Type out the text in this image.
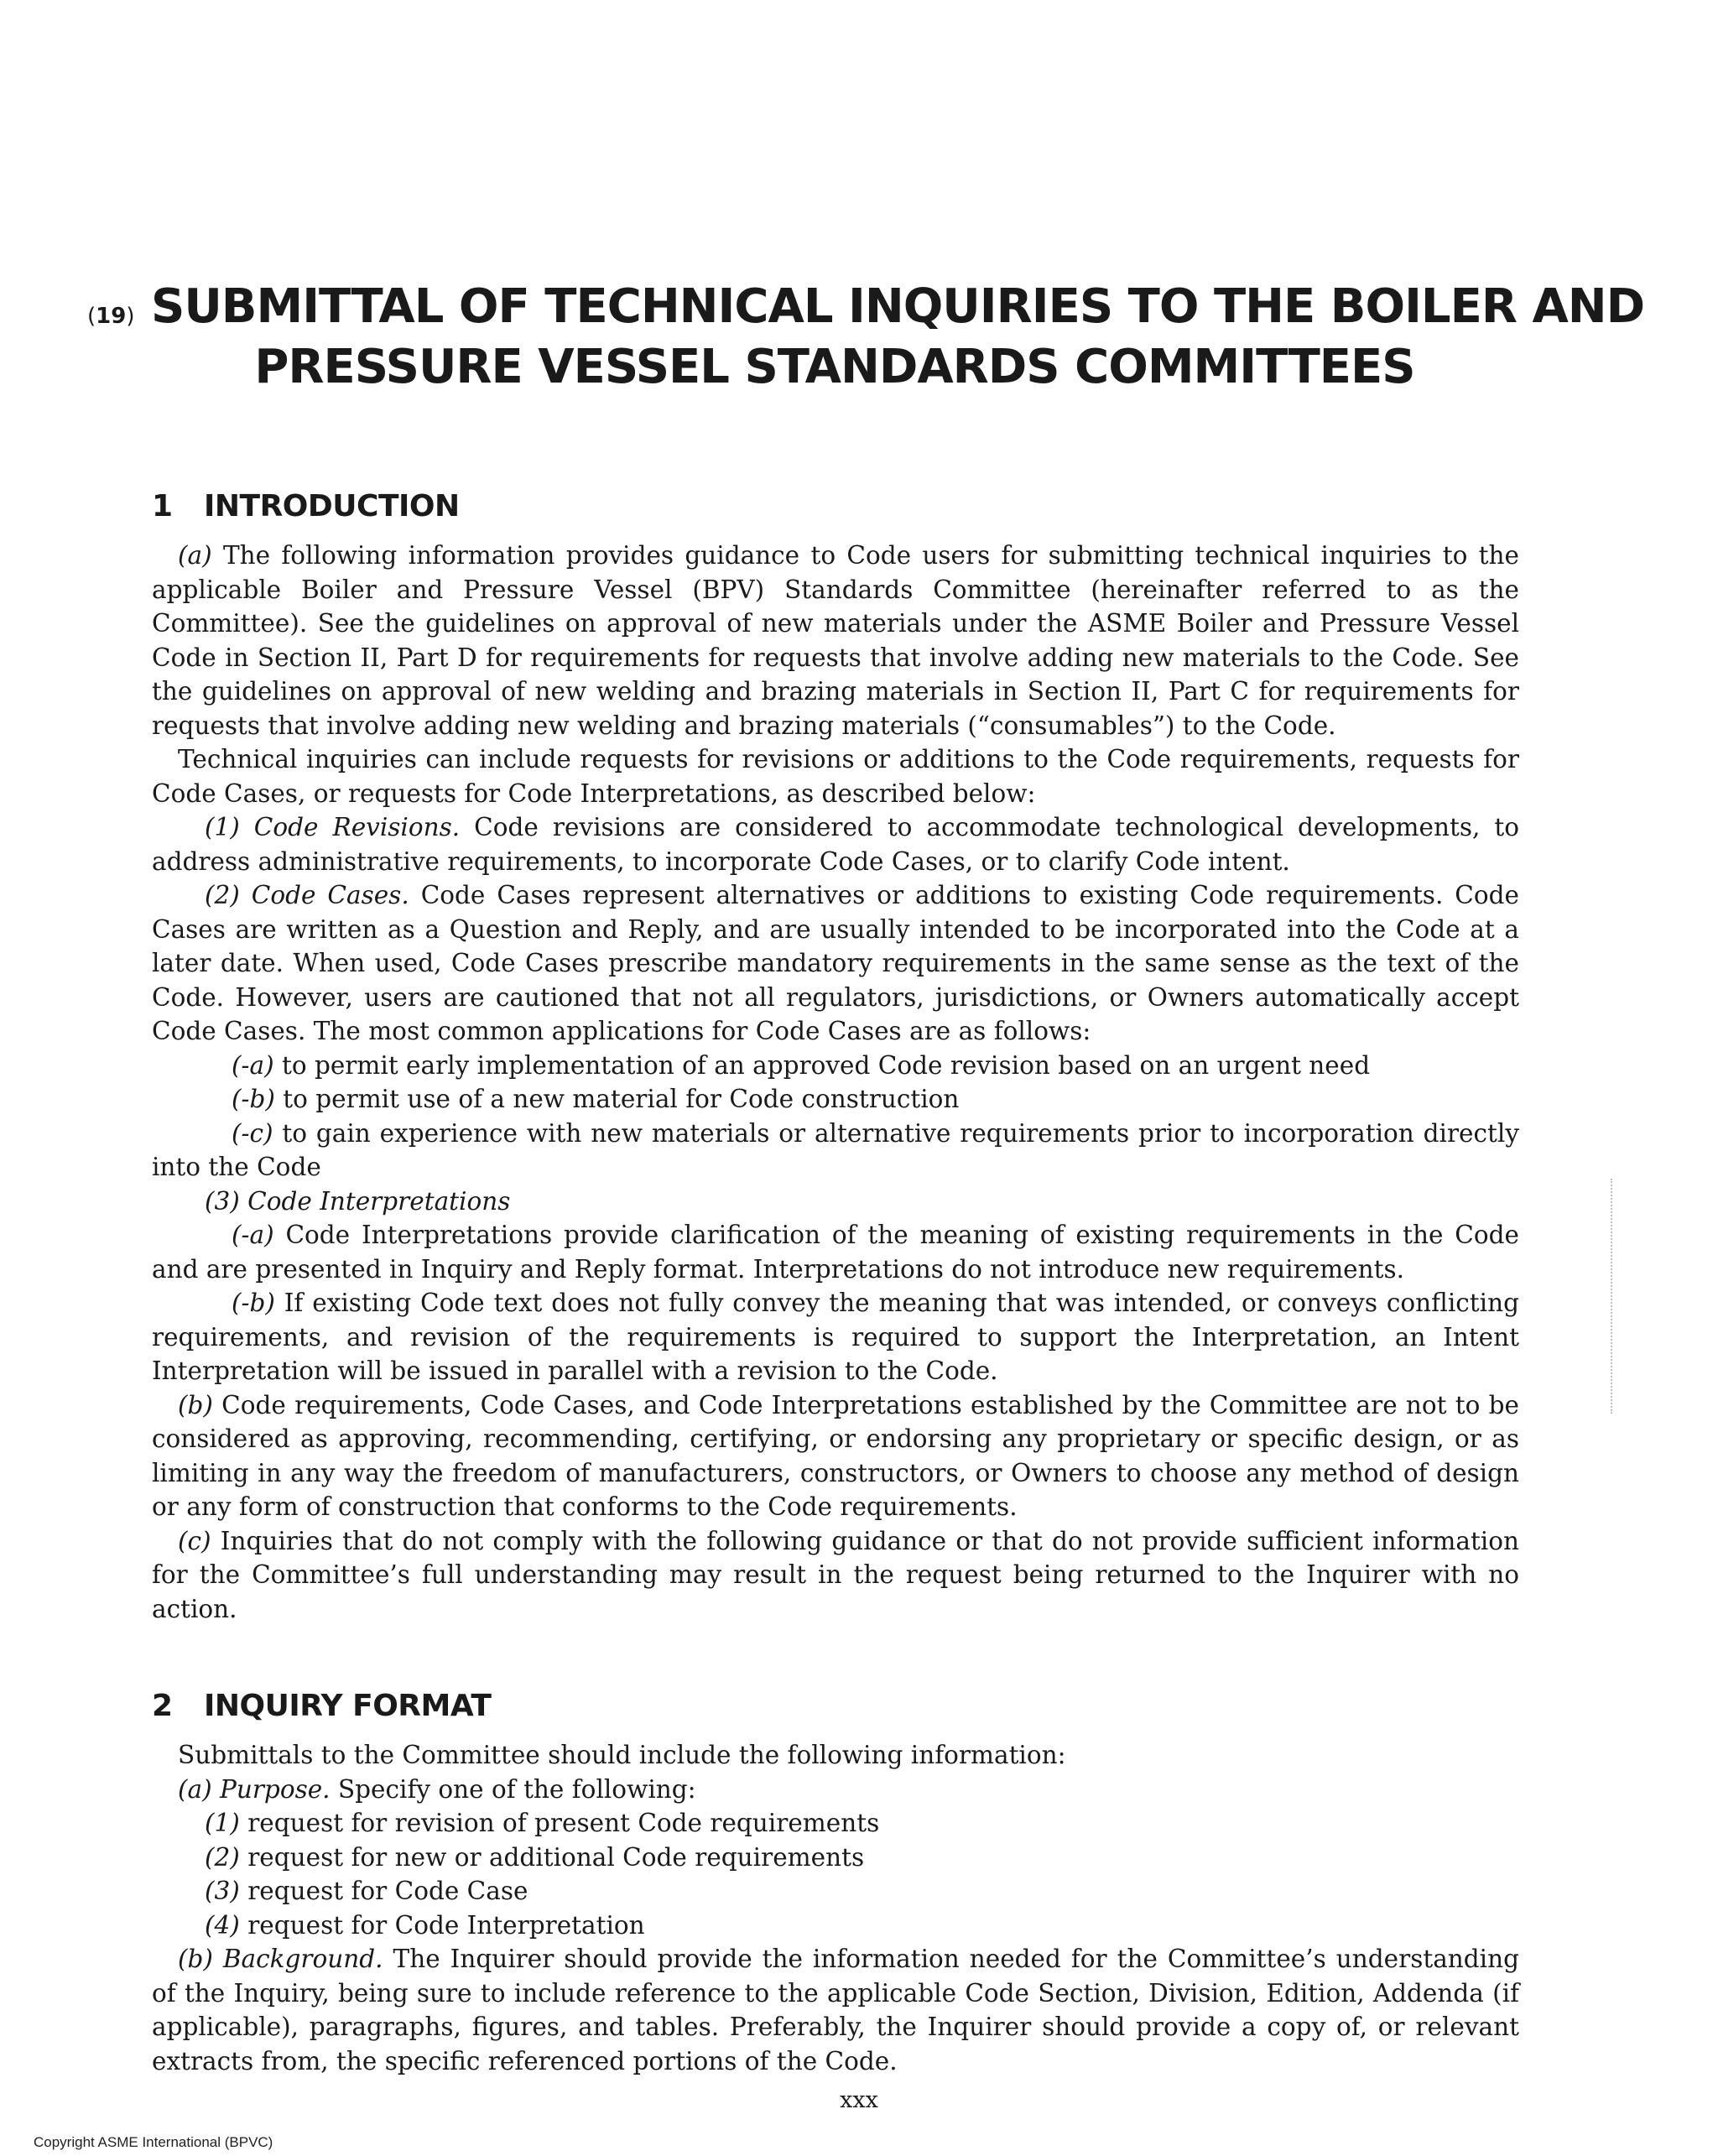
(19) SUBMITTAL OF TECHNICAL INQUIRIES TO THE BOILER AND
PRESSURE VESSEL STANDARDS COMMITTEES
1 INTRODUCTION

(a) The following information provides guidance to Code users for submitting technical inquiries to the applicable Boiler and Pressure Vessel (BPV) Standards Committee (hereinafter referred to as the Committee). See the guidelines on approval of new materials under the ASME Boiler and Pressure Vessel Code in Section II, Part D for requirements for requests that involve adding new materials to the Code. See the guidelines on approval of new welding and brazing materials in Section II, Part C for requirements for requests that involve adding new welding and brazing materials (“consumables”) to the Code.

Technical inquiries can include requests for revisions or additions to the Code requirements, requests for Code Cases, or requests for Code Interpretations, as described below:

(1) Code Revisions. Code revisions are considered to accommodate technological developments, to address administrative requirements, to incorporate Code Cases, or to clarify Code intent.

(2) Code Cases. Code Cases represent alternatives or additions to existing Code requirements. Code Cases are written as a Question and Reply, and are usually intended to be incorporated into the Code at a later date. When used, Code Cases prescribe mandatory requirements in the same sense as the text of the Code. However, users are cautioned that not all regulators, jurisdictions, or Owners automatically accept Code Cases. The most common applications for Code Cases are as follows:

(-a) to permit early implementation of an approved Code revision based on an urgent need

(-b) to permit use of a new material for Code construction

(-c) to gain experience with new materials or alternative requirements prior to incorporation directly into the Code

(3) Code Interpretations

(-a) Code Interpretations provide clarification of the meaning of existing requirements in the Code and are presented in Inquiry and Reply format. Interpretations do not introduce new requirements.

(-b) If existing Code text does not fully convey the meaning that was intended, or conveys conflicting requirements, and revision of the requirements is required to support the Interpretation, an Intent Interpretation will be issued in parallel with a revision to the Code.

(b) Code requirements, Code Cases, and Code Interpretations established by the Committee are not to be considered as approving, recommending, certifying, or endorsing any proprietary or specific design, or as limiting in any way the freedom of manufacturers, constructors, or Owners to choose any method of design or any form of construction that conforms to the Code requirements.

(c) Inquiries that do not comply with the following guidance or that do not provide sufficient information for the Committee’s full understanding may result in the request being returned to the Inquirer with no action.

2 INQUIRY FORMAT

Submittals to the Committee should include the following information:

(a) Purpose. Specify one of the following:

(1) request for revision of present Code requirements

(2) request for new or additional Code requirements

(3) request for Code Case

(4) request for Code Interpretation

(b) Background. The Inquirer should provide the information needed for the Committee’s understanding of the Inquiry, being sure to include reference to the applicable Code Section, Division, Edition, Addenda (if applicable), paragraphs, figures, and tables. Preferably, the Inquirer should provide a copy of, or relevant extracts from, the specific referenced portions of the Code.

xxx
Copyright ASME International (BPVC)
